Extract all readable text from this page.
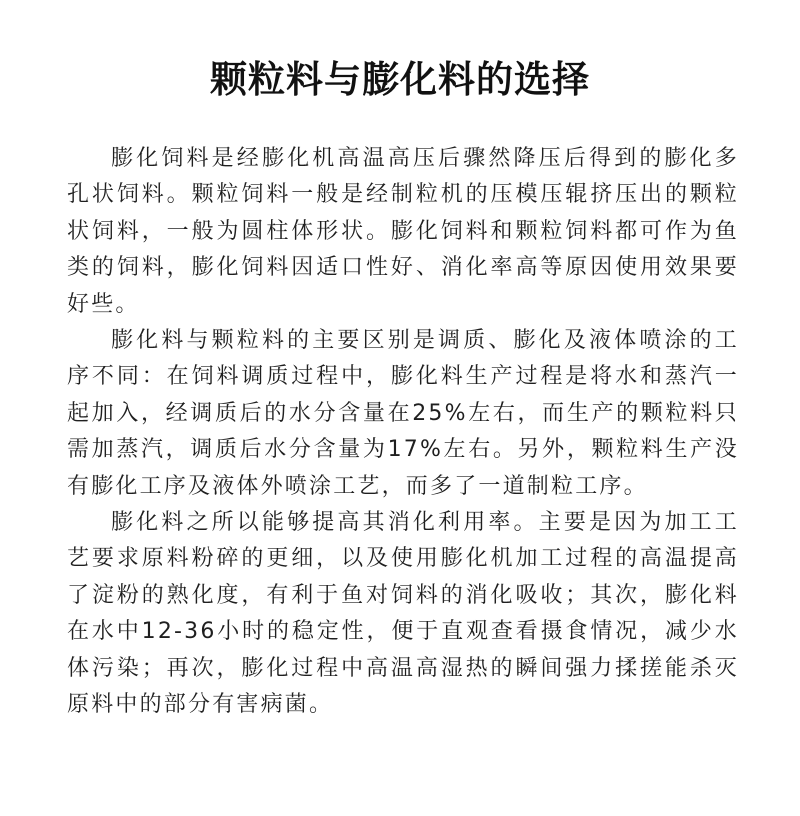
颗粒料与膨化料的选择

膨化饲料是经膨化机高温高压后骤然降压后得到的膨化多孔状饲料。颗粒饲料一般是经制粒机的压模压辊挤压出的颗粒状饲料，一般为圆柱体形状。膨化饲料和颗粒饲料都可作为鱼类的饲料，膨化饲料因适口性好、消化率高等原因使用效果要好些。

膨化料与颗粒料的主要区别是调质、膨化及液体喷涂的工序不同：在饲料调质过程中，膨化料生产过程是将水和蒸汽一起加入，经调质后的水分含量在25%左右，而生产的颗粒料只需加蒸汽，调质后水分含量为17%左右。另外，颗粒料生产没有膨化工序及液体外喷涂工艺，而多了一道制粒工序。

膨化料之所以能够提高其消化利用率。主要是因为加工工艺要求原料粉碎的更细，以及使用膨化机加工过程的高温提高了淀粉的熟化度，有利于鱼对饲料的消化吸收；其次，膨化料在水中12-36小时的稳定性，便于直观查看摄食情况，减少水体污染；再次，膨化过程中高温高湿热的瞬间强力揉搓能杀灭原料中的部分有害病菌。
